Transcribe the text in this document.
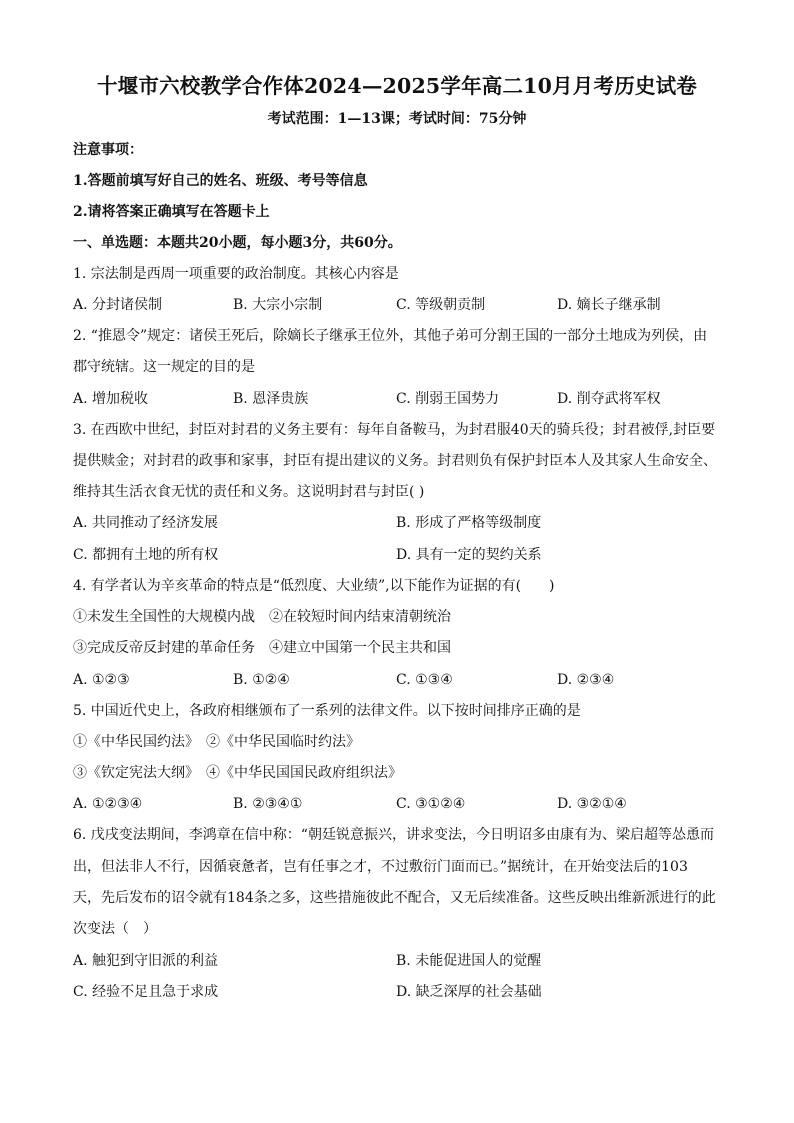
十堰市六校教学合作体2024—2025学年高二10月月考历史试卷
考试范围：1—13课；考试时间：75分钟
注意事项：
1.答题前填写好自己的姓名、班级、考号等信息
2.请将答案正确填写在答题卡上
一、单选题：本题共20小题，每小题3分，共60分。
1. 宗法制是西周一项重要的政治制度。其核心内容是
A. 分封诸侯制	B. 大宗小宗制	C. 等级朝贡制	D. 嫡长子继承制
2. “推恩令”规定：诸侯王死后，除嫡长子继承王位外，其他子弟可分割王国的一部分土地成为列侯，由
郡守统辖。这一规定的目的是
A. 增加税收	B. 恩泽贵族	C. 削弱王国势力	D. 削夺武将军权
3. 在西欧中世纪，封臣对封君的义务主要有：每年自备鞍马，为封君服40天的骑兵役；封君被俘,封臣要
提供赎金；对封君的政事和家事，封臣有提出建议的义务。封君则负有保护封臣本人及其家人生命安全、
维持其生活衣食无忧的责任和义务。这说明封君与封臣( )
A. 共同推动了经济发展	B. 形成了严格等级制度
C. 都拥有土地的所有权	D. 具有一定的契约关系
4. 有学者认为辛亥革命的特点是“低烈度、大业绩”,以下能作为证据的有(　　)
①未发生全国性的大规模内战　②在较短时间内结束清朝统治
③完成反帝反封建的革命任务　④建立中国第一个民主共和国
A. ①②③	B. ①②④	C. ①③④	D. ②③④
5. 中国近代史上，各政府相继颁布了一系列的法律文件。以下按时间排序正确的是
①《中华民国约法》　②《中华民国临时约法》
③《钦定宪法大纲》　④《中华民国国民政府组织法》
A. ①②③④	B. ②③④①	C. ③①②④	D. ③②①④
6. 戊戌变法期间，李鸿章在信中称：“朝廷锐意振兴，讲求变法，今日明诏多由康有为、梁启超等怂恿而
出，但法非人不行，因循衰惫者，岂有任事之才，不过敷衍门面而已。”据统计，在开始变法后的103
天，先后发布的诏令就有184条之多，这些措施彼此不配合，又无后续准备。这些反映出维新派进行的此
次变法（　）
A. 触犯到守旧派的利益	B. 未能促进国人的觉醒
C. 经验不足且急于求成	D. 缺乏深厚的社会基础
